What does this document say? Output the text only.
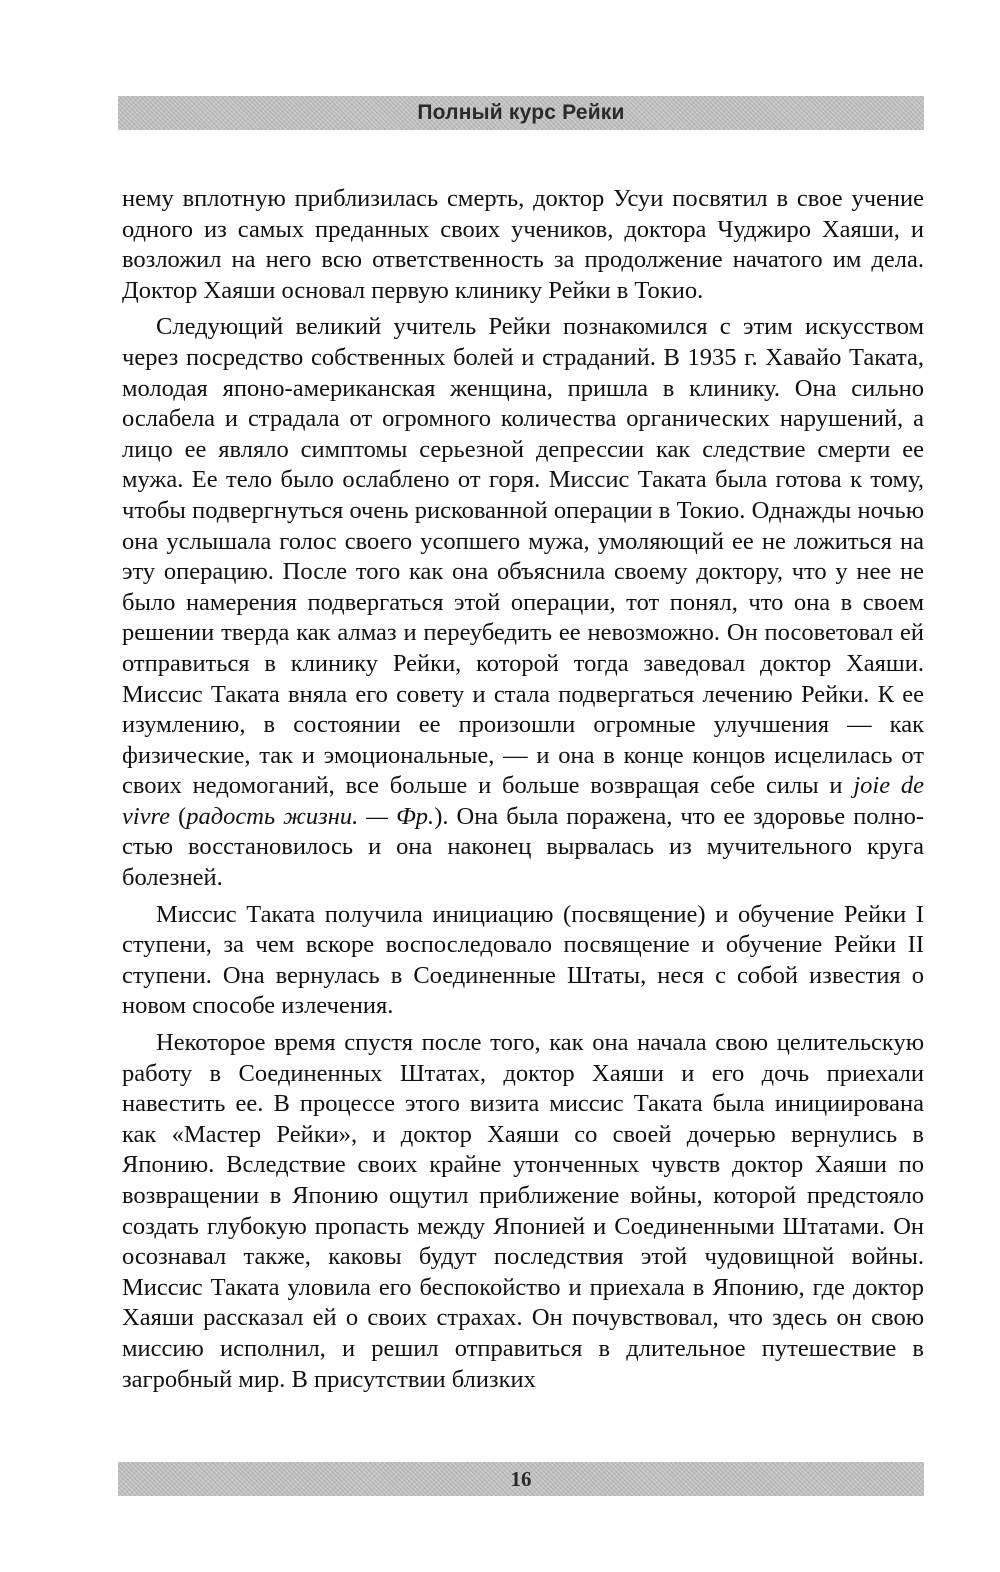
Полный курс Рейки

нему вплотную приблизилась смерть, доктор Усуи посвятил в свое учение одного из самых преданных своих учеников, доктора Чуджиро Хаяши, и возложил на него всю ответственность за продолжение начатого им дела. Доктор Хаяши основал первую клинику Рейки в Токио.

Следующий великий учитель Рейки познакомился с этим искусством через посредство собственных болей и страданий. В 1935 г. Хавайо Таката, молодая японо-американская женщина, пришла в клинику. Она сильно ослабела и страдала от огромного количества органических нарушений, а лицо ее являло симптомы серьезной депрессии как следствие смерти ее мужа. Ее тело было ослаблено от горя. Миссис Таката была готова к тому, чтобы подвергнуться очень рискованной операции в Токио. Однажды ночью она услышала голос своего усопшего мужа, умоляющий ее не ложиться на эту операцию. После того как она объяснила своему доктору, что у нее не было намерения подвергаться этой операции, тот понял, что она в своем решении тверда как алмаз и переубедить ее невозможно. Он посоветовал ей отправиться в клинику Рейки, которой тогда заведовал доктор Хаяши. Миссис Таката вняла его совету и стала подвергаться лечению Рейки. К ее изумлению, в состоянии ее произошли огромные улучшения — как физические, так и эмоциональные, — и она в конце концов исцелилась от своих недомоганий, все больше и больше возвращая себе силы и joie de vivre (радость жизни. — Фр.). Она была поражена, что ее здоровье полностью восстановилось и она наконец вырвалась из мучительного круга болезней.

Миссис Таката получила инициацию (посвящение) и обучение Рейки I ступени, за чем вскоре воспоследовало посвящение и обучение Рейки II ступени. Она вернулась в Соединенные Штаты, неся с собой известия о новом способе излечения.

Некоторое время спустя после того, как она начала свою целительскую работу в Соединенных Штатах, доктор Хаяши и его дочь приехали навестить ее. В процессе этого визита миссис Таката была инициирована как «Мастер Рейки», и доктор Хаяши со своей дочерью вернулись в Японию. Вследствие своих крайне утонченных чувств доктор Хаяши по возвращении в Японию ощутил приближение войны, которой предстояло создать глубокую пропасть между Японией и Соединенными Штатами. Он осознавал также, каковы будут последствия этой чудовищной войны. Миссис Таката уловила его беспокойство и приехала в Японию, где доктор Хаяши рассказал ей о своих страхах. Он почувствовал, что здесь он свою миссию исполнил, и решил отправиться в длительное путешествие в загробный мир. В присутствии близких

16
